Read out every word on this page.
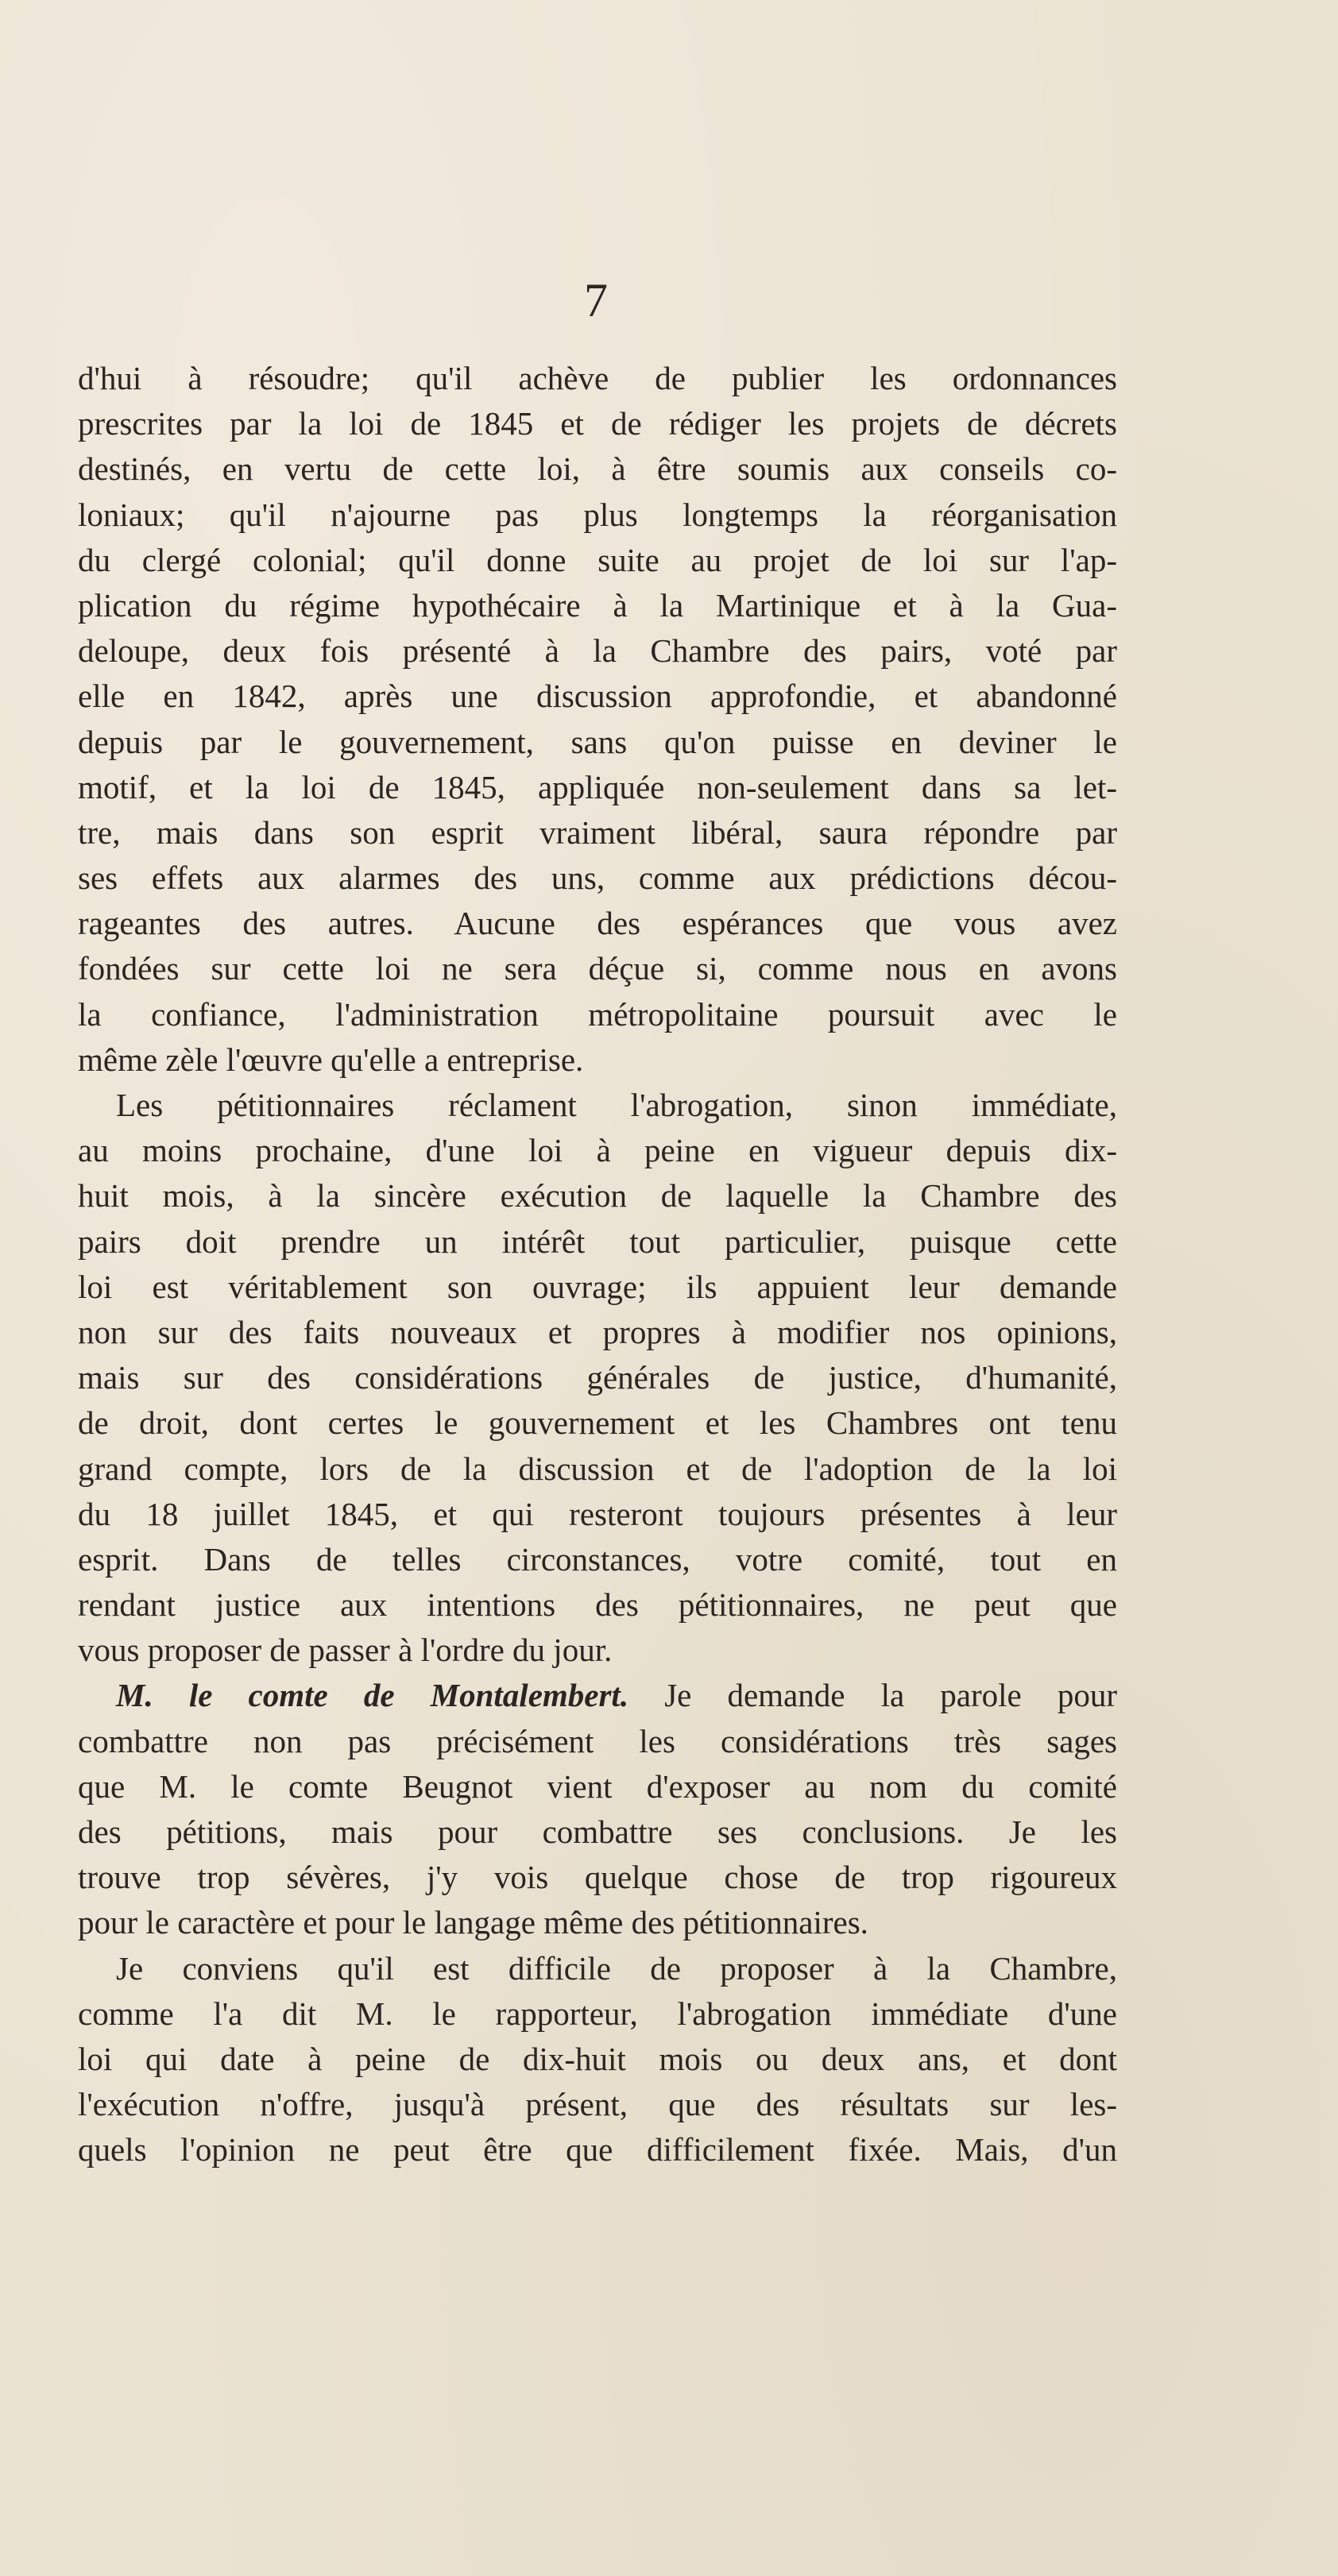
7
d'hui à résoudre; qu'il achève de publier les ordonnances
prescrites par la loi de 1845 et de rédiger les projets de décrets
destinés, en vertu de cette loi, à être soumis aux conseils co-
loniaux; qu'il n'ajourne pas plus longtemps la réorganisation
du clergé colonial; qu'il donne suite au projet de loi sur l'ap-
plication du régime hypothécaire à la Martinique et à la Gua-
deloupe, deux fois présenté à la Chambre des pairs, voté par
elle en 1842, après une discussion approfondie, et abandonné
depuis par le gouvernement, sans qu'on puisse en deviner le
motif, et la loi de 1845, appliquée non-seulement dans sa let-
tre, mais dans son esprit vraiment libéral, saura répondre par
ses effets aux alarmes des uns, comme aux prédictions décou-
rageantes des autres. Aucune des espérances que vous avez
fondées sur cette loi ne sera déçue si, comme nous en avons
la confiance, l'administration métropolitaine poursuit avec le
même zèle l'œuvre qu'elle a entreprise.
Les pétitionnaires réclament l'abrogation, sinon immédiate,
au moins prochaine, d'une loi à peine en vigueur depuis dix-
huit mois, à la sincère exécution de laquelle la Chambre des
pairs doit prendre un intérêt tout particulier, puisque cette
loi est véritablement son ouvrage; ils appuient leur demande
non sur des faits nouveaux et propres à modifier nos opinions,
mais sur des considérations générales de justice, d'humanité,
de droit, dont certes le gouvernement et les Chambres ont tenu
grand compte, lors de la discussion et de l'adoption de la loi
du 18 juillet 1845, et qui resteront toujours présentes à leur
esprit. Dans de telles circonstances, votre comité, tout en
rendant justice aux intentions des pétitionnaires, ne peut que
vous proposer de passer à l'ordre du jour.
M. le comte de Montalembert. Je demande la parole pour
combattre non pas précisément les considérations très sages
que M. le comte Beugnot vient d'exposer au nom du comité
des pétitions, mais pour combattre ses conclusions. Je les
trouve trop sévères, j'y vois quelque chose de trop rigoureux
pour le caractère et pour le langage même des pétitionnaires.
Je conviens qu'il est difficile de proposer à la Chambre,
comme l'a dit M. le rapporteur, l'abrogation immédiate d'une
loi qui date à peine de dix-huit mois ou deux ans, et dont
l'exécution n'offre, jusqu'à présent, que des résultats sur les-
quels l'opinion ne peut être que difficilement fixée. Mais, d'un
